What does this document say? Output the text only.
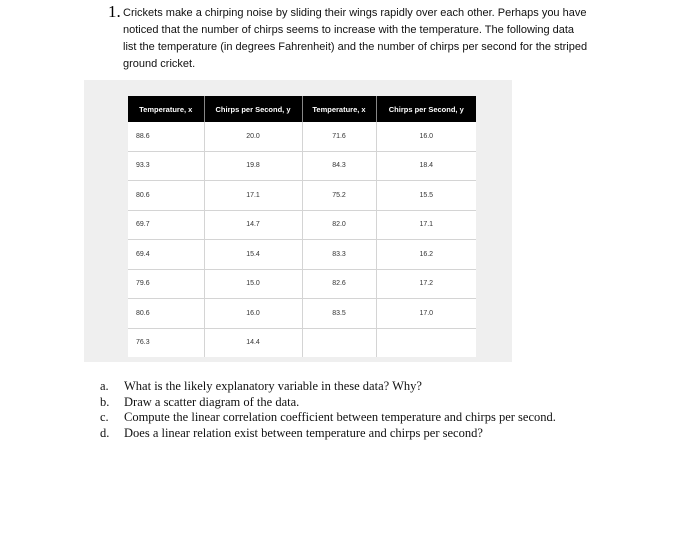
1. Crickets make a chirping noise by sliding their wings rapidly over each other. Perhaps you have
noticed that the number of chirps seems to increase with the temperature. The following data
list the temperature (in degrees Fahrenheit) and the number of chirps per second for the striped
ground cricket.
Temperature, x	Chirps per Second, y	Temperature, x	Chirps per Second, y
88.6	20.0	71.6	16.0
93.3	19.8	84.3	18.4
80.6	17.1	75.2	15.5
69.7	14.7	82.0	17.1
69.4	15.4	83.3	16.2
79.6	15.0	82.6	17.2
80.6	16.0	83.5	17.0
76.3	14.4		
a.	What is the likely explanatory variable in these data? Why?
b.	Draw a scatter diagram of the data.
c.	Compute the linear correlation coefficient between temperature and chirps per second.
d.	Does a linear relation exist between temperature and chirps per second?
